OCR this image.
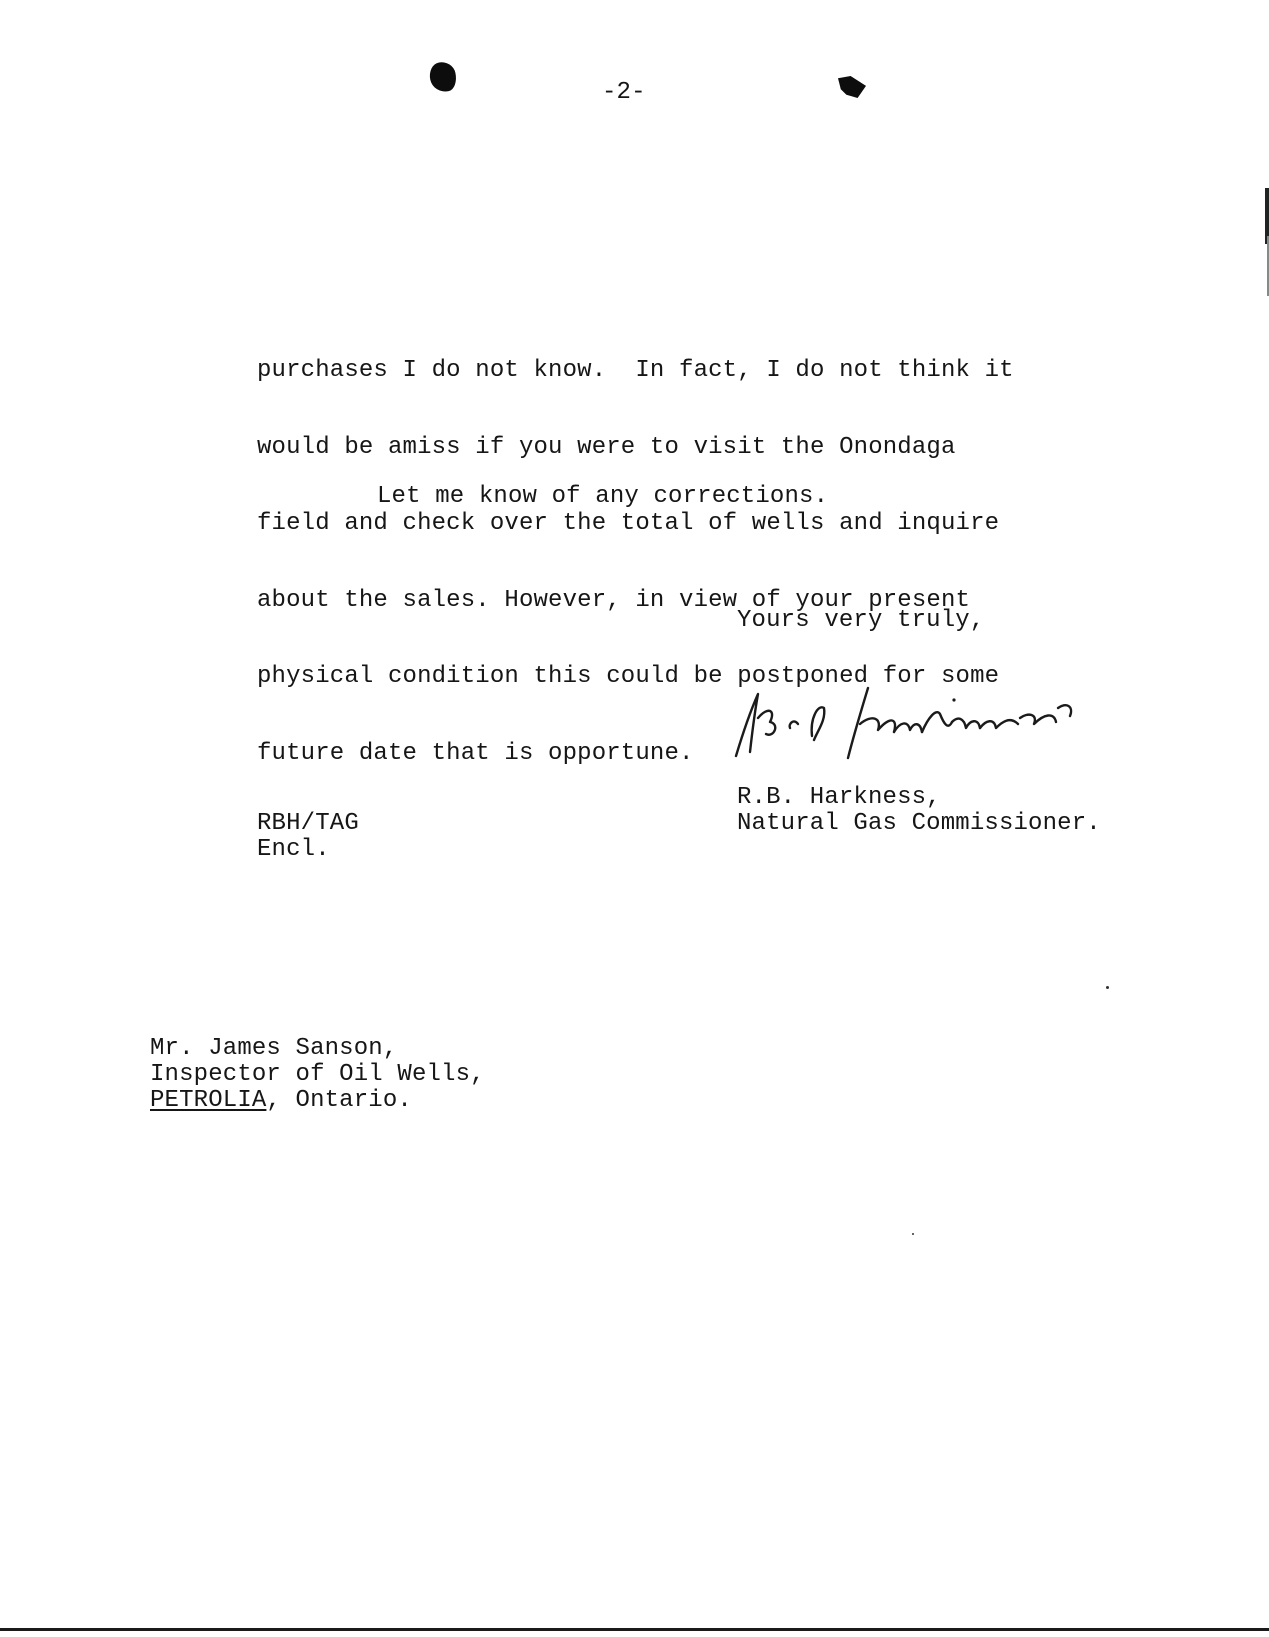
-2-

purchases I do not know.  In fact, I do not think it

would be amiss if you were to visit the Onondaga

field and check over the total of wells and inquire

about the sales. However, in view of your present

physical condition this could be postponed for some

future date that is opportune.

Let me know of any corrections.
Yours very truly,
R.B. Harkness,
Natural Gas Commissioner.
RBH/TAG
Encl.
Mr. James Sanson,
Inspector of Oil Wells,
PETROLIA, Ontario.
